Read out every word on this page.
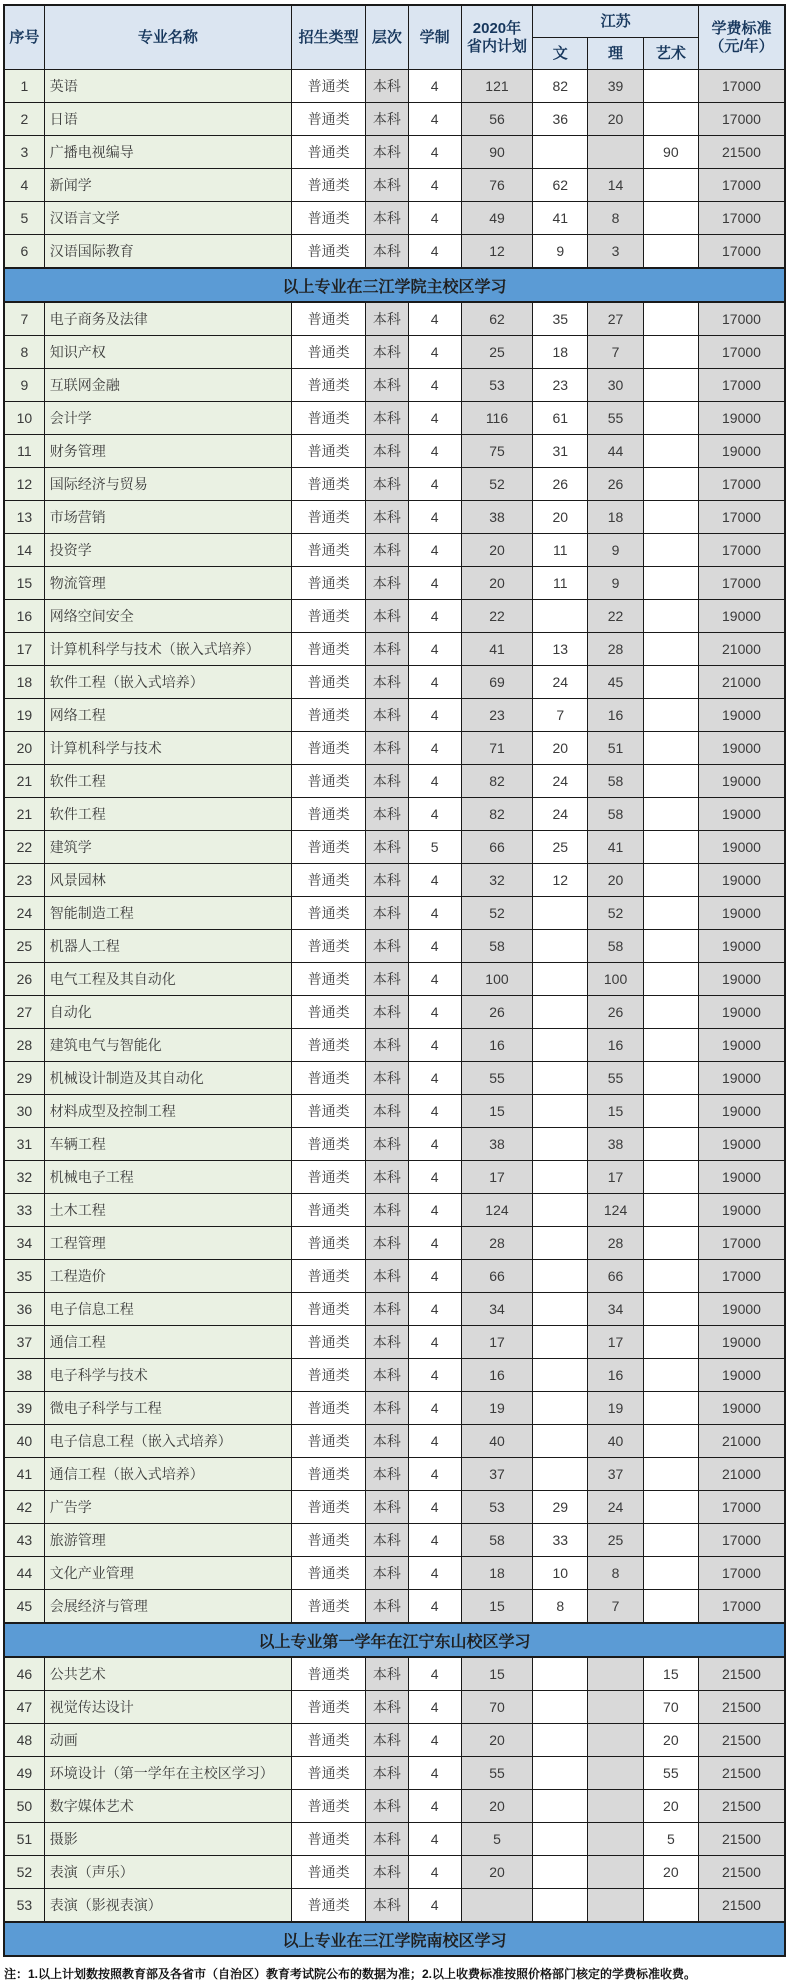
序号	专业名称	招生类型	层次	学制	2020年
省内计划	江苏			学费标准
（元/年）
						文	理	艺术	
1	英语	普通类	本科	4	121	82	39		17000
2	日语	普通类	本科	4	56	36	20		17000
3	广播电视编导	普通类	本科	4	90			90	21500
4	新闻学	普通类	本科	4	76	62	14		17000
5	汉语言文学	普通类	本科	4	49	41	8		17000
6	汉语国际教育	普通类	本科	4	12	9	3		17000
以上专业在三江学院主校区学习									
7	电子商务及法律	普通类	本科	4	62	35	27		17000
8	知识产权	普通类	本科	4	25	18	7		17000
9	互联网金融	普通类	本科	4	53	23	30		17000
10	会计学	普通类	本科	4	116	61	55		19000
11	财务管理	普通类	本科	4	75	31	44		19000
12	国际经济与贸易	普通类	本科	4	52	26	26		17000
13	市场营销	普通类	本科	4	38	20	18		17000
14	投资学	普通类	本科	4	20	11	9		17000
15	物流管理	普通类	本科	4	20	11	9		17000
16	网络空间安全	普通类	本科	4	22		22		19000
17	计算机科学与技术（嵌入式培养）	普通类	本科	4	41	13	28		21000
18	软件工程（嵌入式培养）	普通类	本科	4	69	24	45		21000
19	网络工程	普通类	本科	4	23	7	16		19000
20	计算机科学与技术	普通类	本科	4	71	20	51		19000
21	软件工程	普通类	本科	4	82	24	58		19000
21	软件工程	普通类	本科	4	82	24	58		19000
22	建筑学	普通类	本科	5	66	25	41		19000
23	风景园林	普通类	本科	4	32	12	20		19000
24	智能制造工程	普通类	本科	4	52		52		19000
25	机器人工程	普通类	本科	4	58		58		19000
26	电气工程及其自动化	普通类	本科	4	100		100		19000
27	自动化	普通类	本科	4	26		26		19000
28	建筑电气与智能化	普通类	本科	4	16		16		19000
29	机械设计制造及其自动化	普通类	本科	4	55		55		19000
30	材料成型及控制工程	普通类	本科	4	15		15		19000
31	车辆工程	普通类	本科	4	38		38		19000
32	机械电子工程	普通类	本科	4	17		17		19000
33	土木工程	普通类	本科	4	124		124		19000
34	工程管理	普通类	本科	4	28		28		17000
35	工程造价	普通类	本科	4	66		66		17000
36	电子信息工程	普通类	本科	4	34		34		19000
37	通信工程	普通类	本科	4	17		17		19000
38	电子科学与技术	普通类	本科	4	16		16		19000
39	微电子科学与工程	普通类	本科	4	19		19		19000
40	电子信息工程（嵌入式培养）	普通类	本科	4	40		40		21000
41	通信工程（嵌入式培养）	普通类	本科	4	37		37		21000
42	广告学	普通类	本科	4	53	29	24		17000
43	旅游管理	普通类	本科	4	58	33	25		17000
44	文化产业管理	普通类	本科	4	18	10	8		17000
45	会展经济与管理	普通类	本科	4	15	8	7		17000
以上专业第一学年在江宁东山校区学习									
46	公共艺术	普通类	本科	4	15			15	21500
47	视觉传达设计	普通类	本科	4	70			70	21500
48	动画	普通类	本科	4	20			20	21500
49	环境设计（第一学年在主校区学习）	普通类	本科	4	55			55	21500
50	数字媒体艺术	普通类	本科	4	20			20	21500
51	摄影	普通类	本科	4	5			5	21500
52	表演（声乐）	普通类	本科	4	20			20	21500
53	表演（影视表演）	普通类	本科	4					21500
以上专业在三江学院南校区学习									

注：1.以上计划数按照教育部及各省市（自治区）教育考试院公布的数据为准；2.以上收费标准按照价格部门核定的学费标准收费。
